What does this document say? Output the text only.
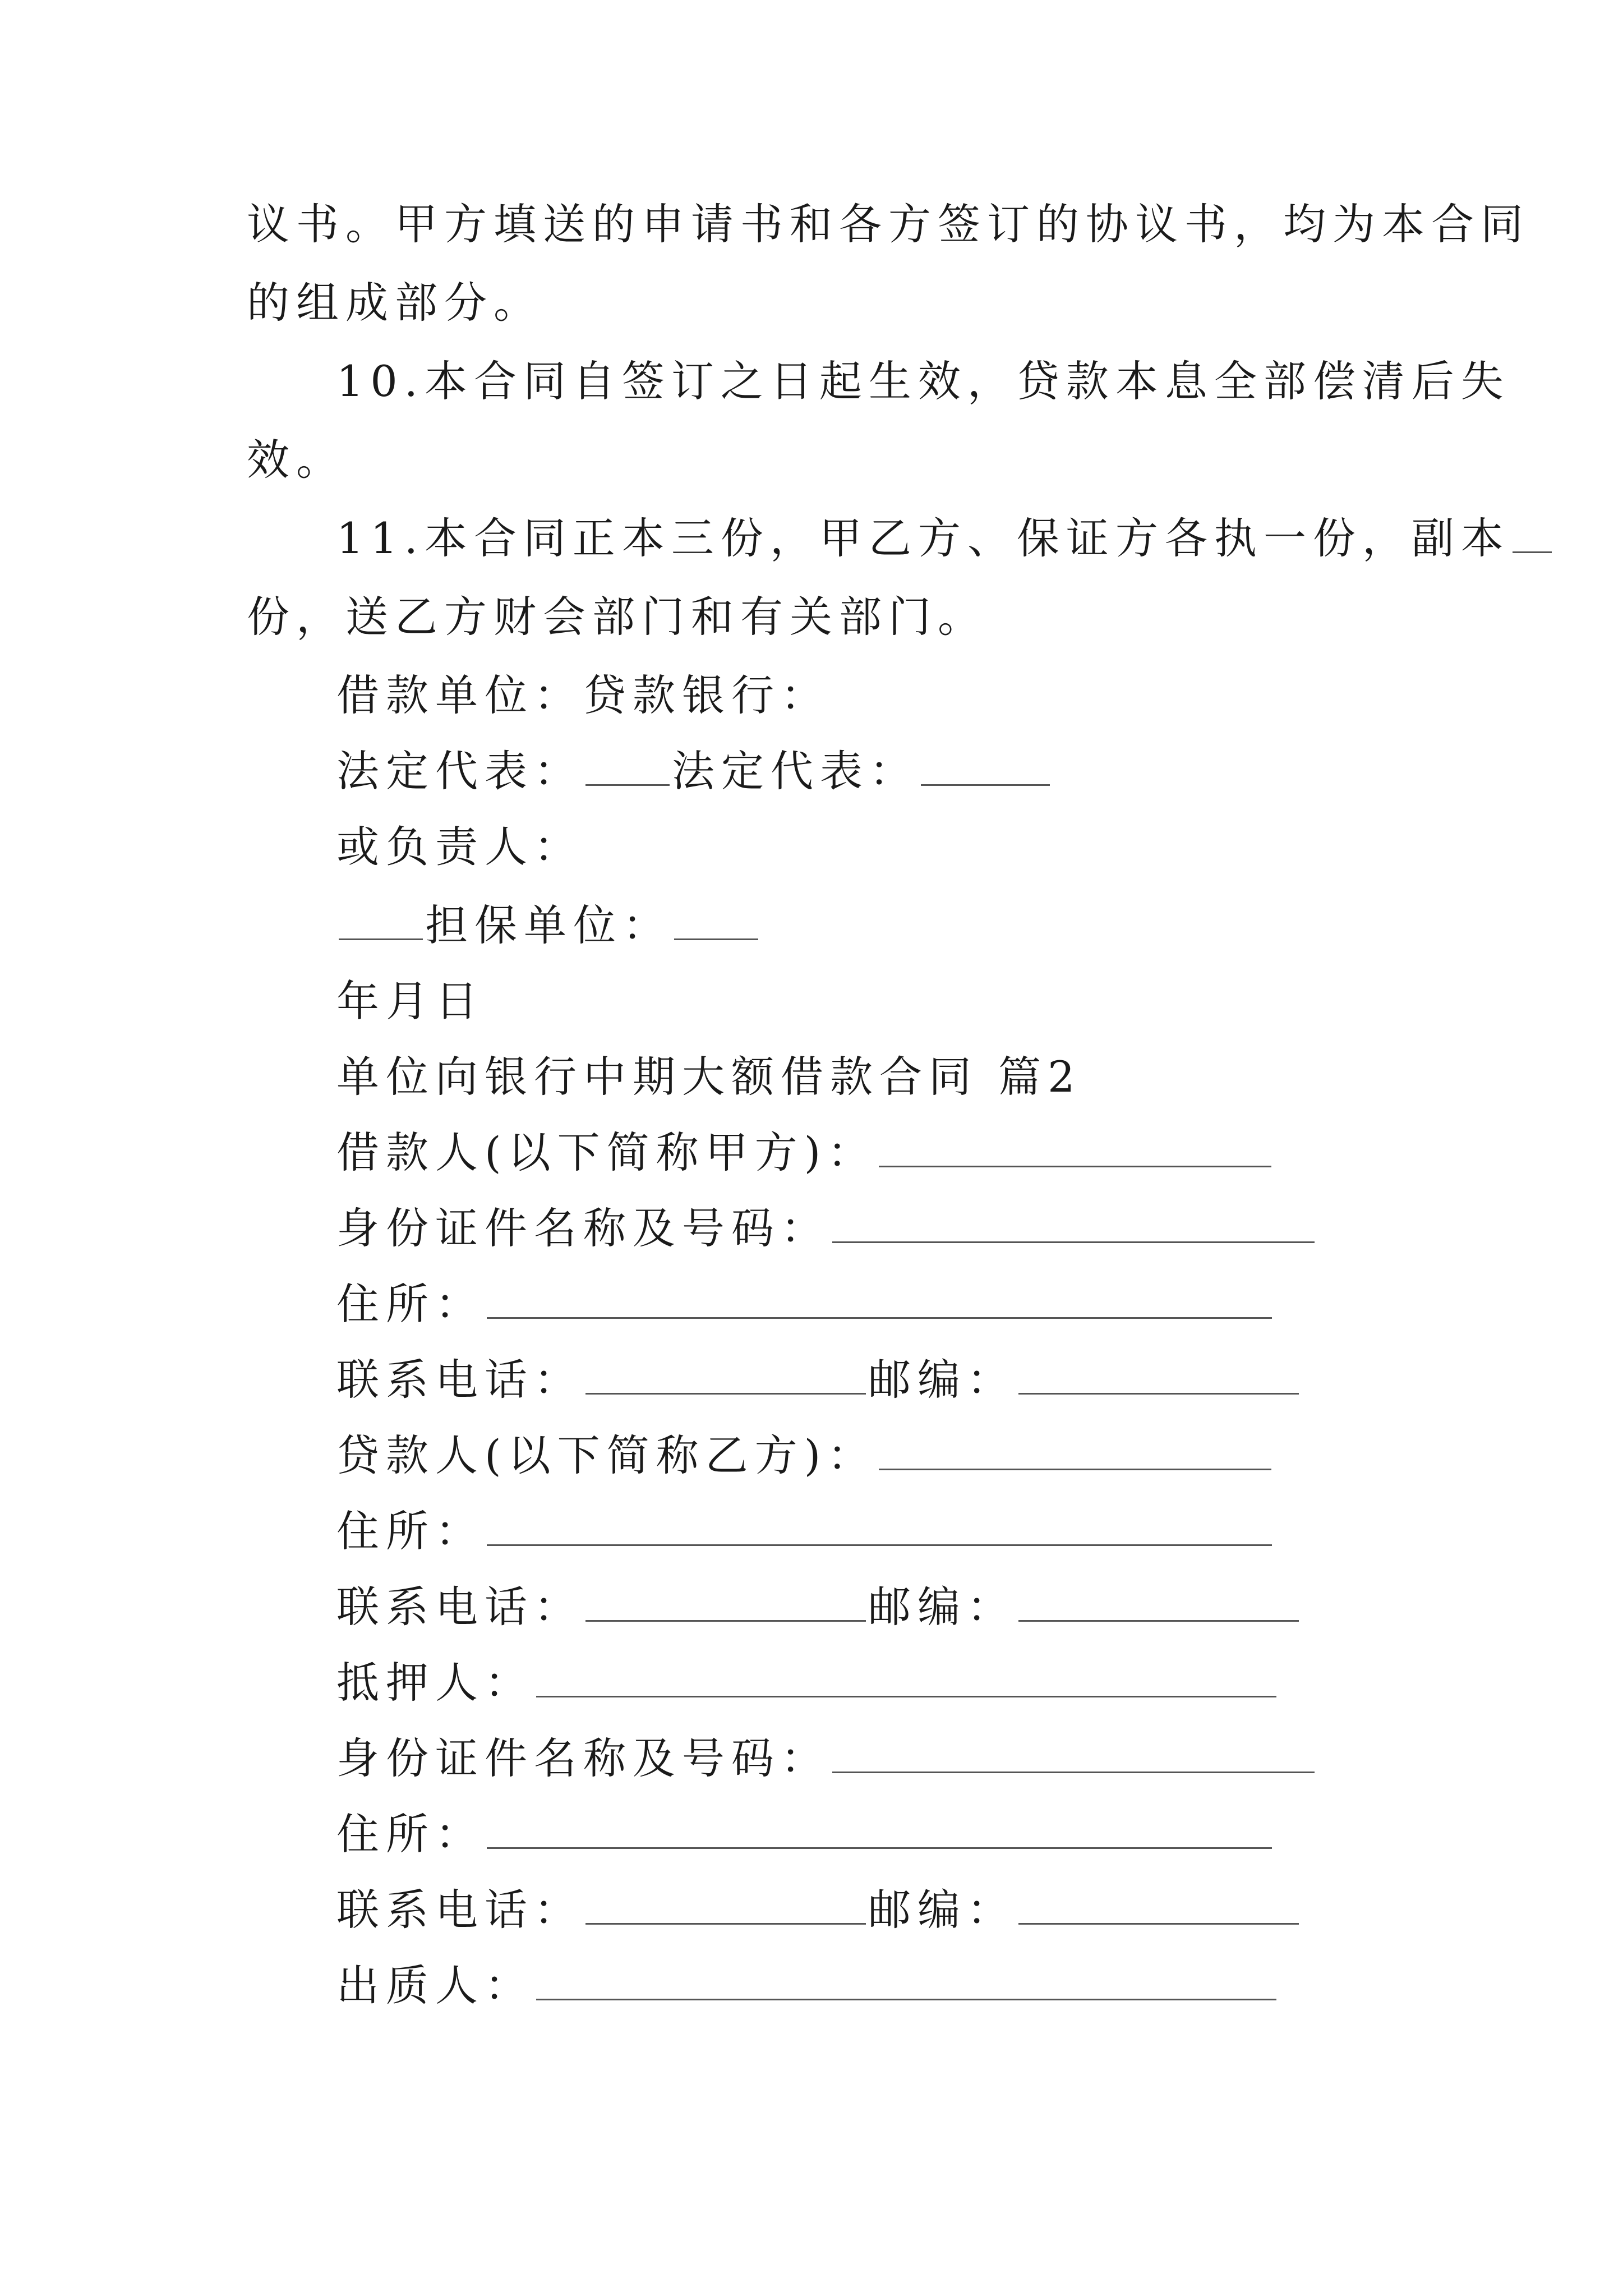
议书。甲方填送的申请书和各方签订的协议书，均为本合同
的组成部分。
10.本合同自签订之日起生效，贷款本息全部偿清后失
效。
11.本合同正本三份，甲乙方、保证方各执一份，副本
份，送乙方财会部门和有关部门。
借款单位：贷款银行：
法定代表： 法定代表：
或负责人：
担保单位：
年月日
单位向银行中期大额借款合同 篇2
借款人(以下简称甲方)：
身份证件名称及号码：
住所：
联系电话：	邮编：
贷款人(以下简称乙方)：
住所：
联系电话：	邮编：
抵押人：
身份证件名称及号码：
住所：
联系电话：	邮编：
出质人：
